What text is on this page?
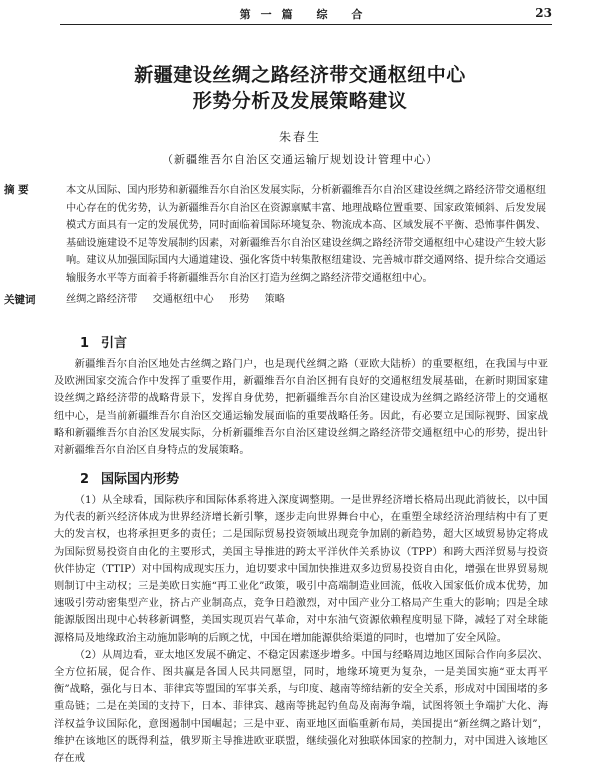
第一篇 综 合	23
新疆建设丝绸之路经济带交通枢纽中心
形势分析及发展策略建议
朱春生
（新疆维吾尔自治区交通运输厅规划设计管理中心）
摘 要	本文从国际、国内形势和新疆维吾尔自治区发展实际，分析新疆维吾尔自治区建设丝绸之路经济带交通枢纽中心存在的优劣势，认为新疆维吾尔自治区在资源禀赋丰富、地理战略位置重要、国家政策倾斜、后发发展模式方面具有一定的发展优势，同时面临着国际环境复杂、物流成本高、区域发展不平衡、恐怖事件偶发、基础设施建设不足等发展制约因素，对新疆维吾尔自治区建设丝绸之路经济带交通枢纽中心建设产生较大影响。建议从加强国际国内大通道建设、强化客货中转集散枢纽建设、完善城市群交通网络、提升综合交通运输服务水平等方面着手将新疆维吾尔自治区打造为丝绸之路经济带交通枢纽中心。
关键词	丝绸之路经济带 交通枢纽中心 形势 策略
1 引言

新疆维吾尔自治区地处古丝绸之路门户，也是现代丝绸之路（亚欧大陆桥）的重要枢纽，在我国与中亚及欧洲国家交流合作中发挥了重要作用，新疆维吾尔自治区拥有良好的交通枢纽发展基础，在新时期国家建设丝绸之路经济带的战略背景下，发挥自身优势，把新疆维吾尔自治区建设成为丝绸之路经济带上的交通枢纽中心，是当前新疆维吾尔自治区交通运输发展面临的重要战略任务。因此，有必要立足国际视野、国家战略和新疆维吾尔自治区发展实际，分析新疆维吾尔自治区建设丝绸之路经济带交通枢纽中心的形势，提出针对新疆维吾尔自治区自身特点的发展策略。

2 国际国内形势

（1）从全球看，国际秩序和国际体系将进入深度调整期。一是世界经济增长格局出现此消彼长，以中国为代表的新兴经济体成为世界经济增长新引擎，逐步走向世界舞台中心，在重塑全球经济治理结构中有了更大的发言权，也将承担更多的责任；二是国际贸易投资领域出现竞争加剧的新趋势，超大区域贸易协定将成为国际贸易投资自由化的主要形式，美国主导推进的跨太平洋伙伴关系协议（TPP）和跨大西洋贸易与投资伙伴协定（TTIP）对中国构成现实压力，迫切要求中国加快推进双多边贸易投资自由化，增强在世界贸易规则制订中主动权；三是美欧日实施“再工业化”政策，吸引中高端制造业回流，低收入国家低价成本优势，加速吸引劳动密集型产业，挤占产业制高点，竞争日趋激烈，对中国产业分工格局产生重大的影响；四是全球能源版图出现中心转移新调整，美国实现页岩气革命，对中东油气资源依赖程度明显下降，减轻了对全球能源格局及地缘政治主动施加影响的后顾之忧，中国在增加能源供给渠道的同时，也增加了安全风险。

（2）从周边看，亚太地区发展不确定、不稳定因素逐步增多。中国与经略周边地区国际合作向多层次、全方位拓展，促合作、图共赢是各国人民共同愿望，同时，地缘环境更为复杂，一是美国实施“亚太再平衡”战略，强化与日本、菲律宾等盟国的军事关系，与印度、越南等缔结新的安全关系，形成对中国围堵的多重岛链；二是在美国的支持下，日本、菲律宾、越南等挑起钓鱼岛及南海争端，试图将领土争端扩大化、海洋权益争议国际化，意图遏制中国崛起；三是中亚、南亚地区面临重新布局，美国提出“新丝绸之路计划”，维护在该地区的既得利益，俄罗斯主导推进欧亚联盟，继续强化对独联体国家的控制力，对中国进入该地区存在戒
